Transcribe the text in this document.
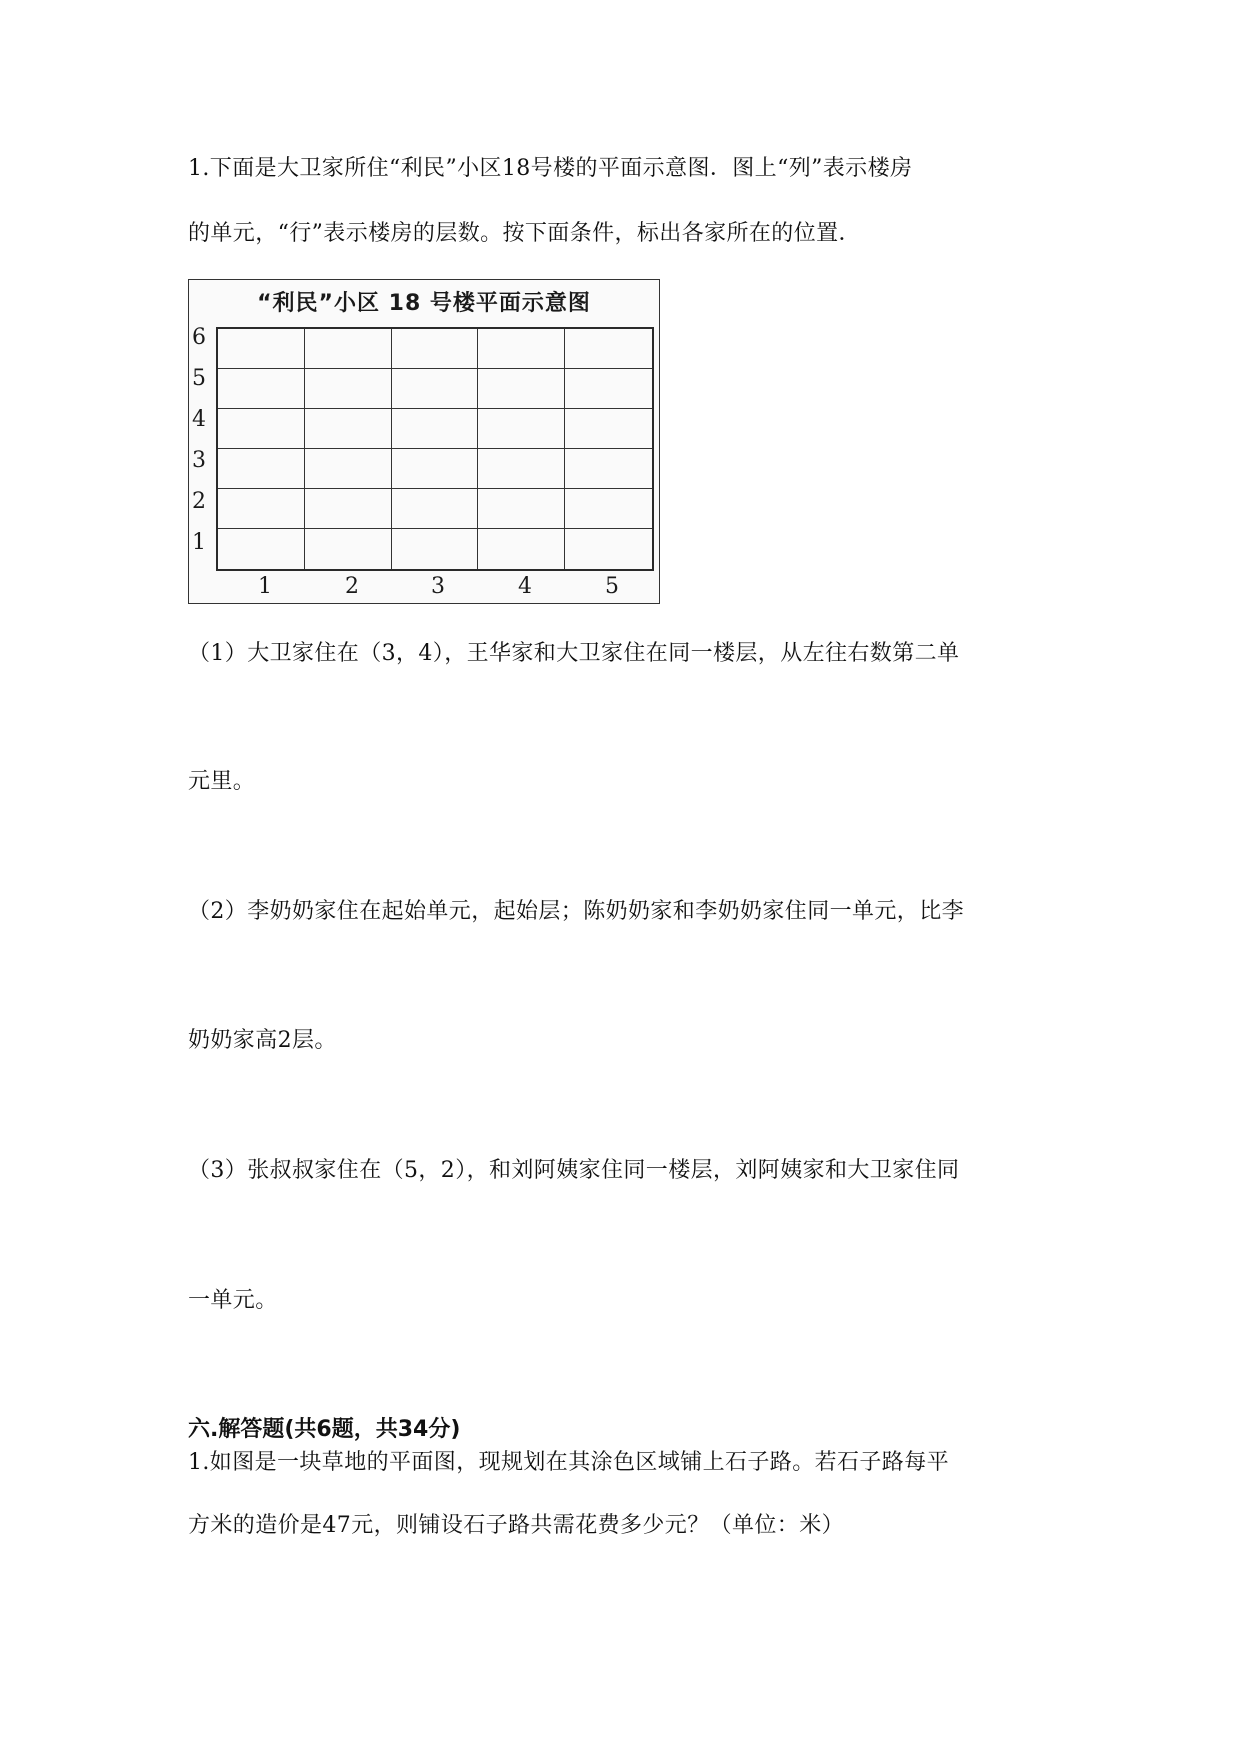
1.下面是大卫家所住“利民”小区18号楼的平面示意图．图上“列”表示楼房
的单元，“行”表示楼房的层数。按下面条件，标出各家所在的位置．
“利民”小区 18 号楼平面示意图
6
5
4
3
2
1
1	2	3	4	5
（1）大卫家住在（3，4），王华家和大卫家住在同一楼层，从左往右数第二单
元里。
（2）李奶奶家住在起始单元，起始层；陈奶奶家和李奶奶家住同一单元，比李
奶奶家高2层。
（3）张叔叔家住在（5，2），和刘阿姨家住同一楼层，刘阿姨家和大卫家住同
一单元。
六.解答题(共6题，共34分)
1.如图是一块草地的平面图，现规划在其涂色区域铺上石子路。若石子路每平
方米的造价是47元，则铺设石子路共需花费多少元？（单位：米）
